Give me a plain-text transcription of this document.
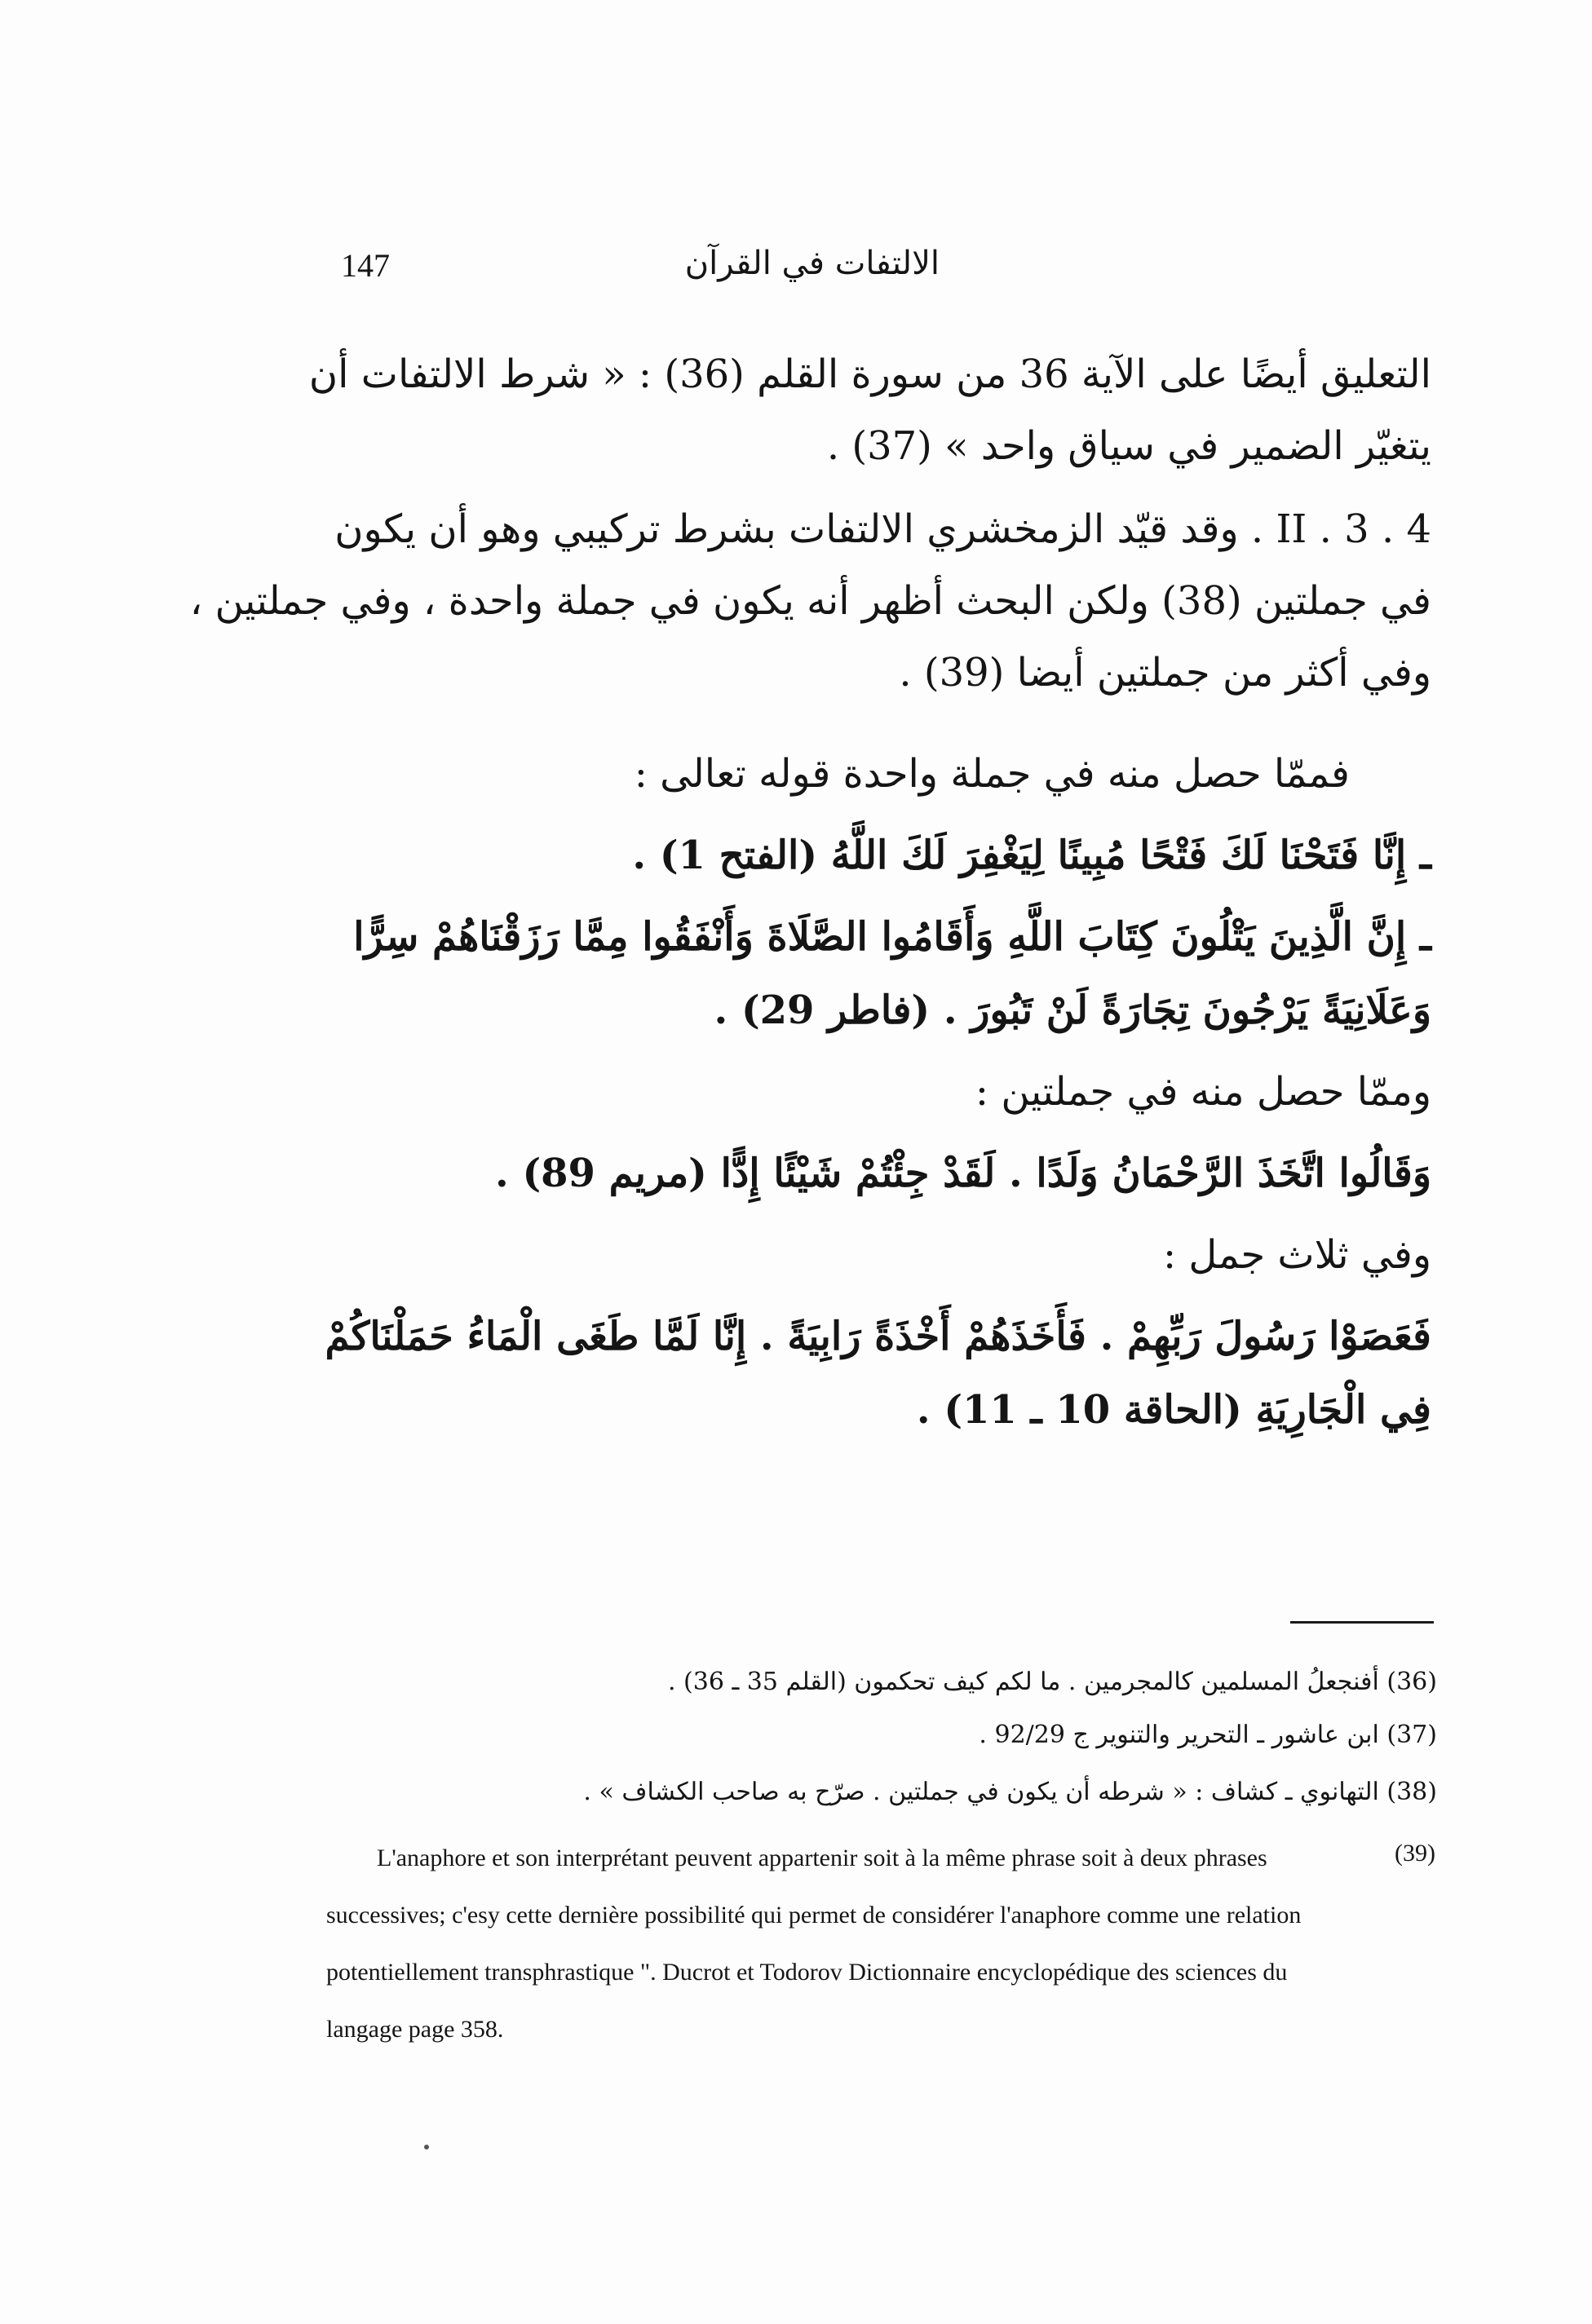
147	الالتفات في القرآن
التعليق أيضًا على الآية 36 من سورة القلم (36) : « شرط الالتفات أن
يتغيّر الضمير في سياق واحد » (37) .
II . 3 . 4 . وقد قيّد الزمخشري الالتفات بشرط تركيبي وهو أن يكون
في جملتين (38) ولكن البحث أظهر أنه يكون في جملة واحدة ، وفي جملتين ،
وفي أكثر من جملتين أيضا (39) .
فممّا حصل منه في جملة واحدة قوله تعالى :
ـ إِنَّا فَتَحْنَا لَكَ فَتْحًا مُبِينًا لِيَغْفِرَ لَكَ اللَّهُ (الفتح 1) .
ـ إِنَّ الَّذِينَ يَتْلُونَ كِتَابَ اللَّهِ وَأَقَامُوا الصَّلَاةَ وَأَنْفَقُوا مِمَّا رَزَقْنَاهُمْ سِرًّا
وَعَلَانِيَةً يَرْجُونَ تِجَارَةً لَنْ تَبُورَ . (فاطر 29) .
وممّا حصل منه في جملتين :
وَقَالُوا اتَّخَذَ الرَّحْمَانُ وَلَدًا . لَقَدْ جِئْتُمْ شَيْئًا إِدًّا (مريم 89) .
وفي ثلاث جمل :
فَعَصَوْا رَسُولَ رَبِّهِمْ . فَأَخَذَهُمْ أَخْذَةً رَابِيَةً . إِنَّا لَمَّا طَغَى الْمَاءُ حَمَلْنَاكُمْ
فِي الْجَارِيَةِ (الحاقة 10 ـ 11) .
(36) أفنجعلُ المسلمين كالمجرمين . ما لكم كيف تحكمون (القلم 35 ـ 36) .
(37) ابن عاشور ـ التحرير والتنوير ج 92/29 .
(38) التهانوي ـ كشاف : « شرطه أن يكون في جملتين . صرّح به صاحب الكشاف » .
(39)
L'anaphore et son interprétant peuvent appartenir soit à la même phrase soit à deux phrases
successives; c'esy cette dernière possibilité qui permet de considérer l'anaphore comme une relation
potentiellement transphrastique ". Ducrot et Todorov Dictionnaire encyclopédique des sciences du
langage page 358.
